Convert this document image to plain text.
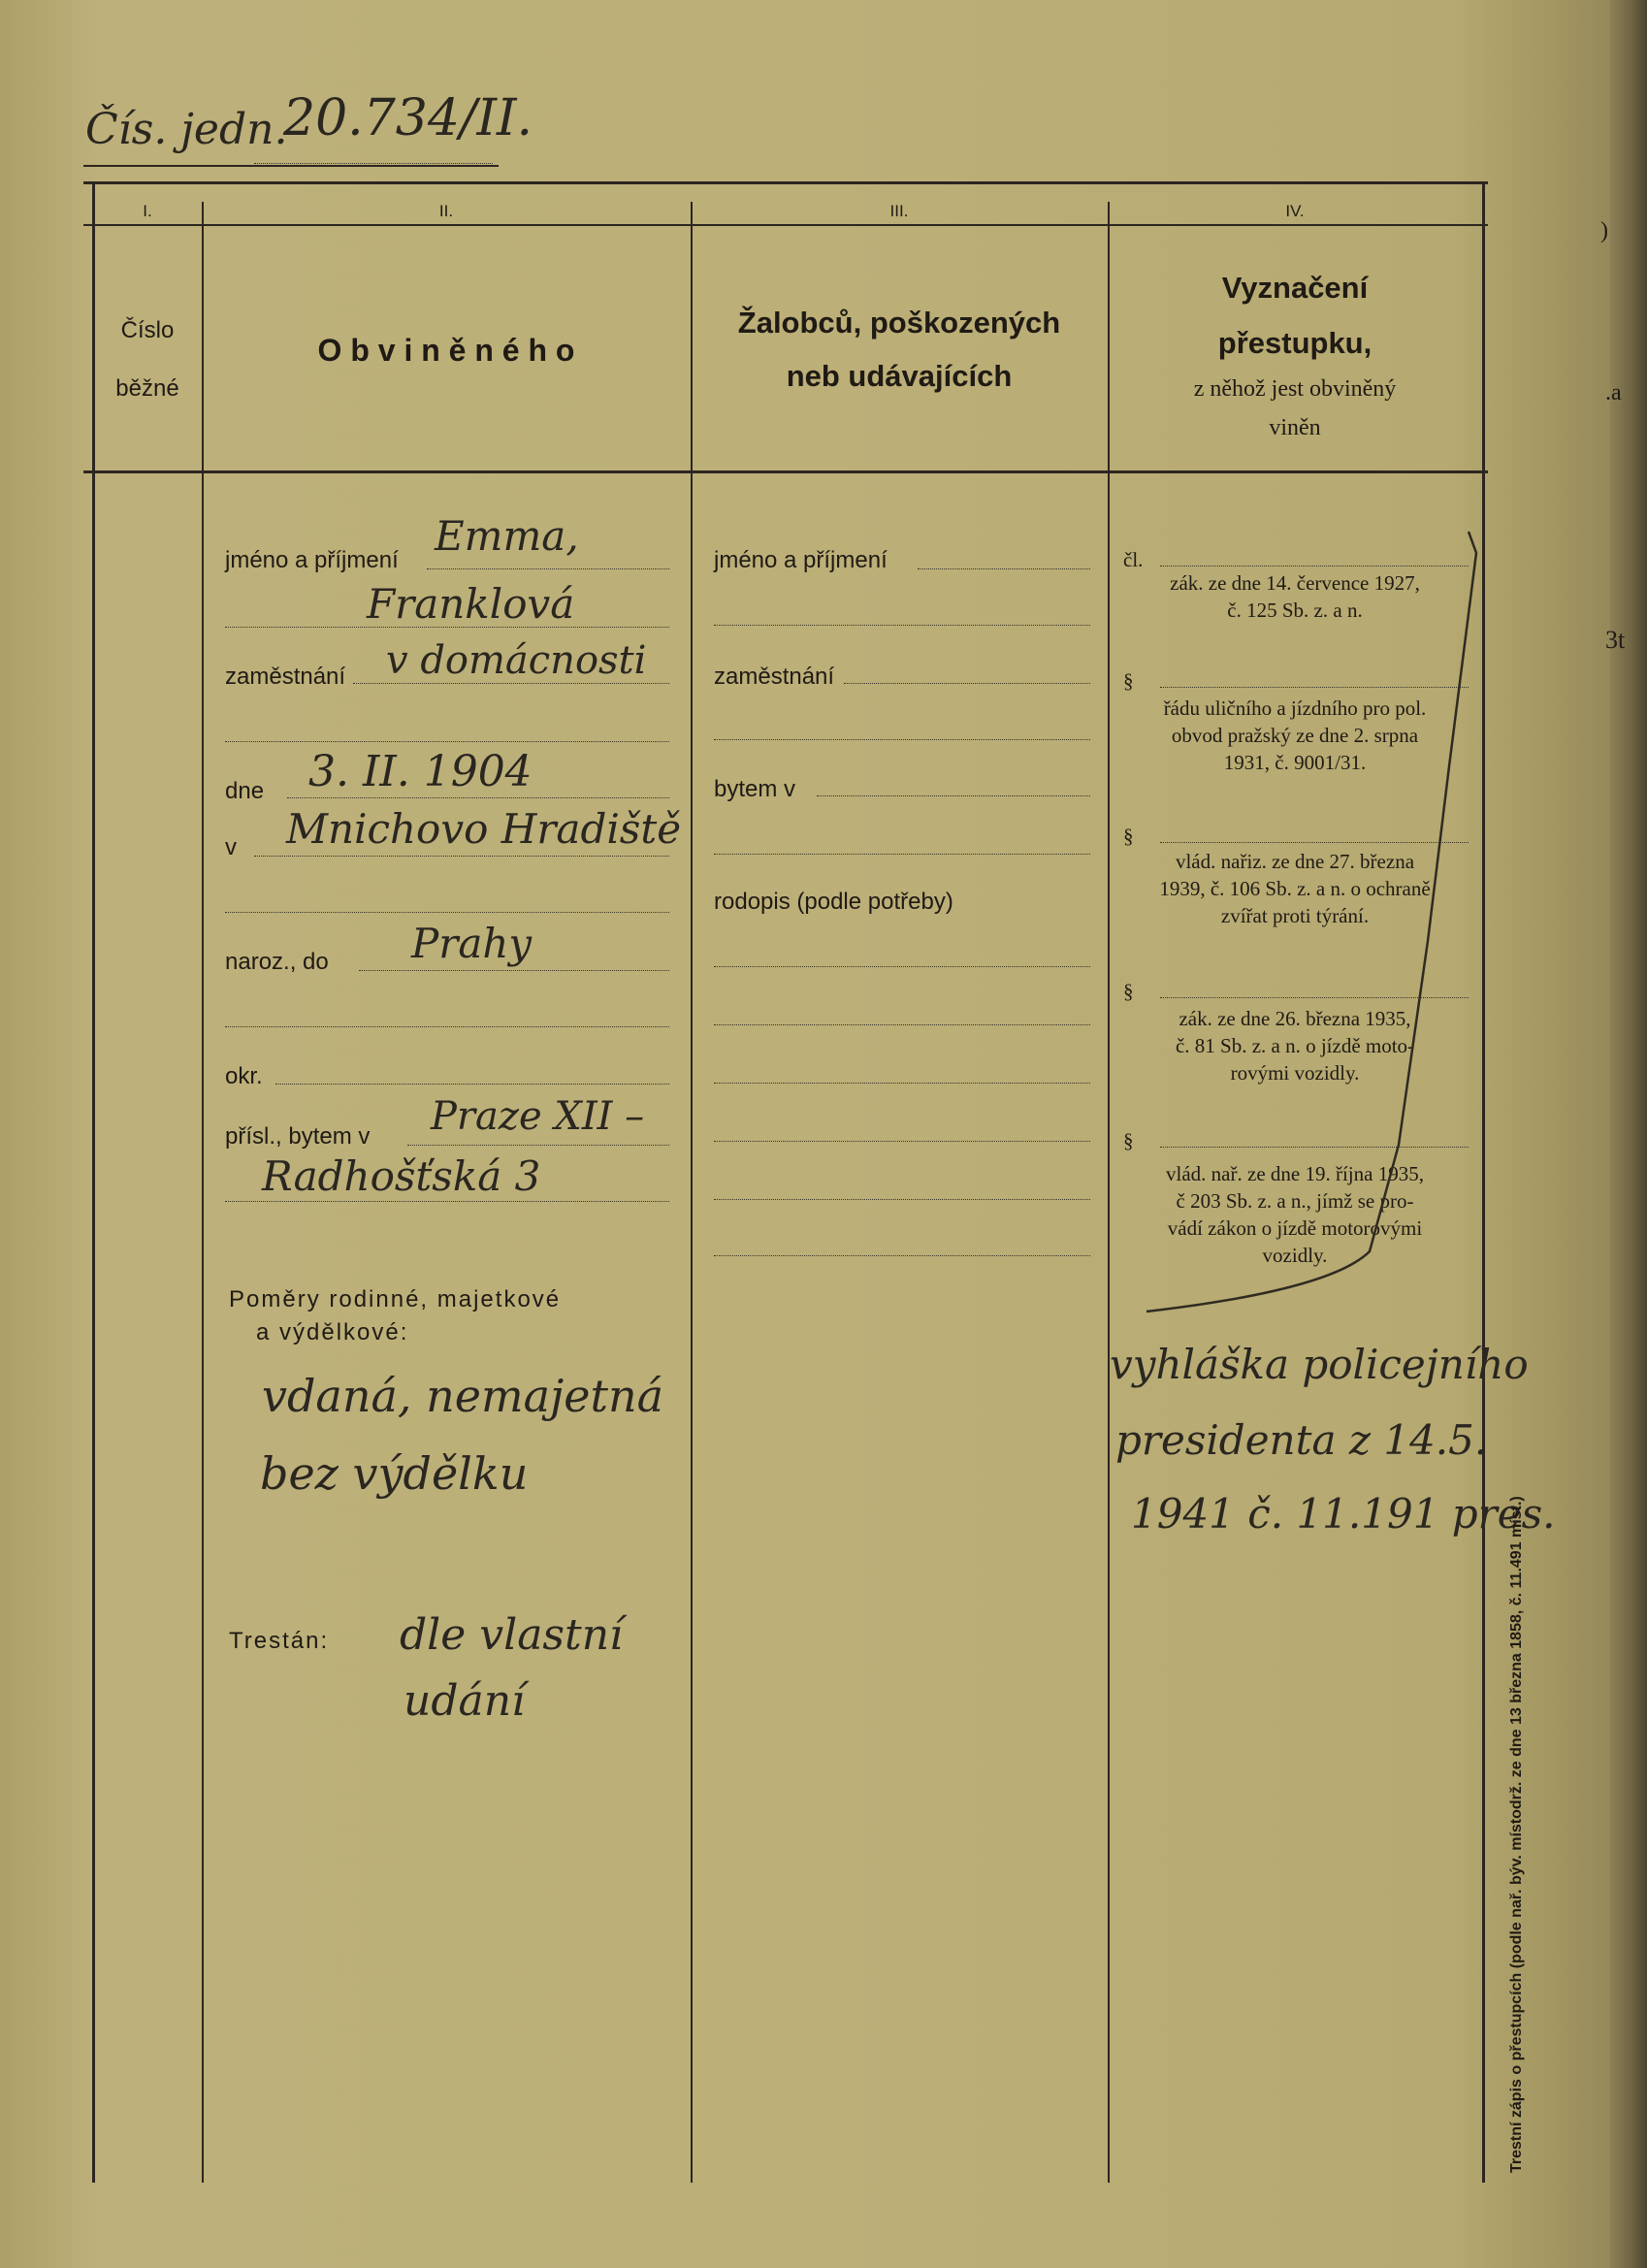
)
.a
3t
Čís. jedn.
20.734/II.
I.	II.	III.	IV.
Číslo
běžné
O b v i n ě n é h o
Žalobců, poškozených
neb udávajících
Vyznačení
přestupku,
z něhož jest obviněný
viněn
jméno a příjmení
Emma,
Franklová
zaměstnání v domácnosti
dne 3. II. 1904
v Mnichovo Hradiště
naroz., do Prahy
okr.
přísl., bytem v Praze XII –
Radhošťská 3
Poměry rodinné, majetkové
a výdělkové:
vdaná, nemajetná
bez výdělku
Trestán: dle vlastní
udání
jméno a příjmení
zaměstnání
bytem v
rodopis (podle potřeby)
čl.
zák. ze dne 14. července 1927,
č. 125 Sb. z. a n.
§
řádu uličního a jízdního pro pol.
obvod pražský ze dne 2. srpna
1931, č. 9001/31.
§
vlád. nařiz. ze dne 27. března
1939, č. 106 Sb. z. a n. o ochraně
zvířat proti týrání.
§
zák. ze dne 26. března 1935,
č. 81 Sb. z. a n. o jízdě moto-
rovými vozidly.
§
vlád. nař. ze dne 19. října 1935,
č 203 Sb. z. a n., jímž se pro-
vádí zákon o jízdě motorovými
vozidly.
vyhláška policejního
presidenta z 14.5.
1941 č. 11.191 pres.
Trestní zápis o přestupcích (podle nař. býv. místodrž. ze dne 13 března 1858, č. 11.491 míst.)
